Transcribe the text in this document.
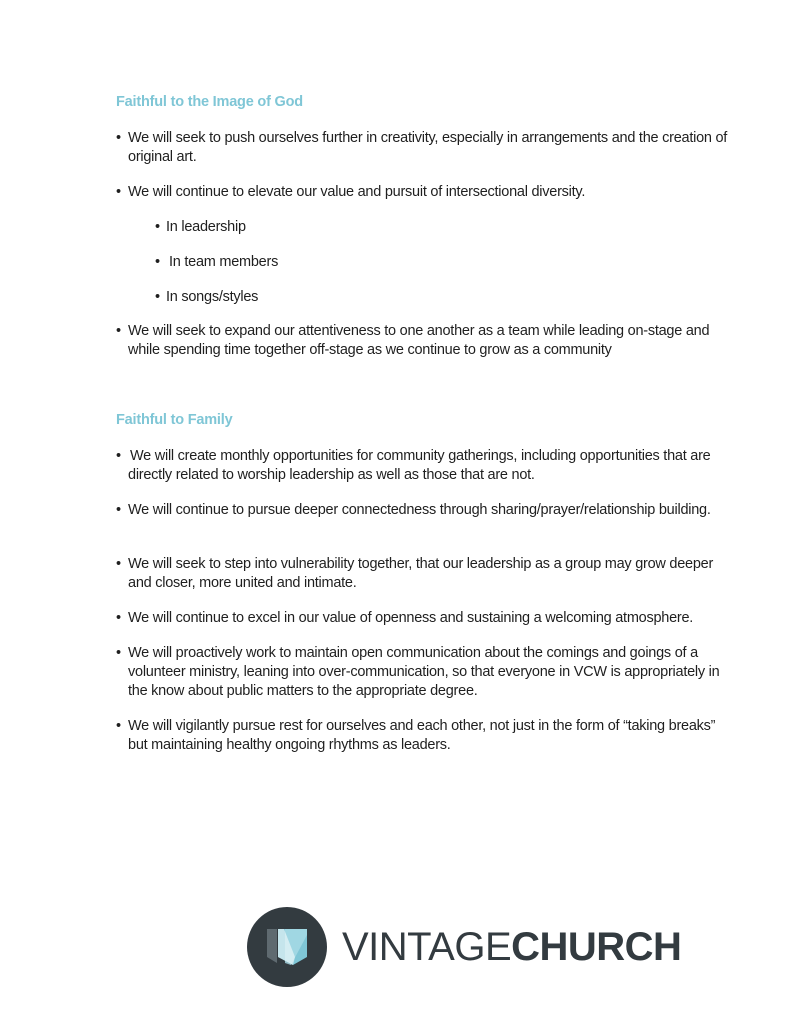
Faithful to the Image of God
• We will seek to push ourselves further in creativity, especially in arrangements and the creation of original art.
• We will continue to elevate our value and pursuit of intersectional diversity.
• In leadership
• In team members
• In songs/styles
• We will seek to expand our attentiveness to one another as a team while leading on-stage and while spending time together off-stage as we continue to grow as a community
Faithful to Family
• We will create monthly opportunities for community gatherings, including opportunities that are directly related to worship leadership as well as those that are not.
• We will continue to pursue deeper connectedness through sharing/prayer/relationship building.
• We will seek to step into vulnerability together, that our leadership as a group may grow deeper and closer, more united and intimate.
• We will continue to excel in our value of openness and sustaining a welcoming atmosphere.
• We will proactively work to maintain open communication about the comings and goings of a volunteer ministry, leaning into over-communication, so that everyone in VCW is appropriately in the know about public matters to the appropriate degree.
• We will vigilantly pursue rest for ourselves and each other, not just in the form of “taking breaks” but maintaining healthy ongoing rhythms as leaders.
VINTAGECHURCH
